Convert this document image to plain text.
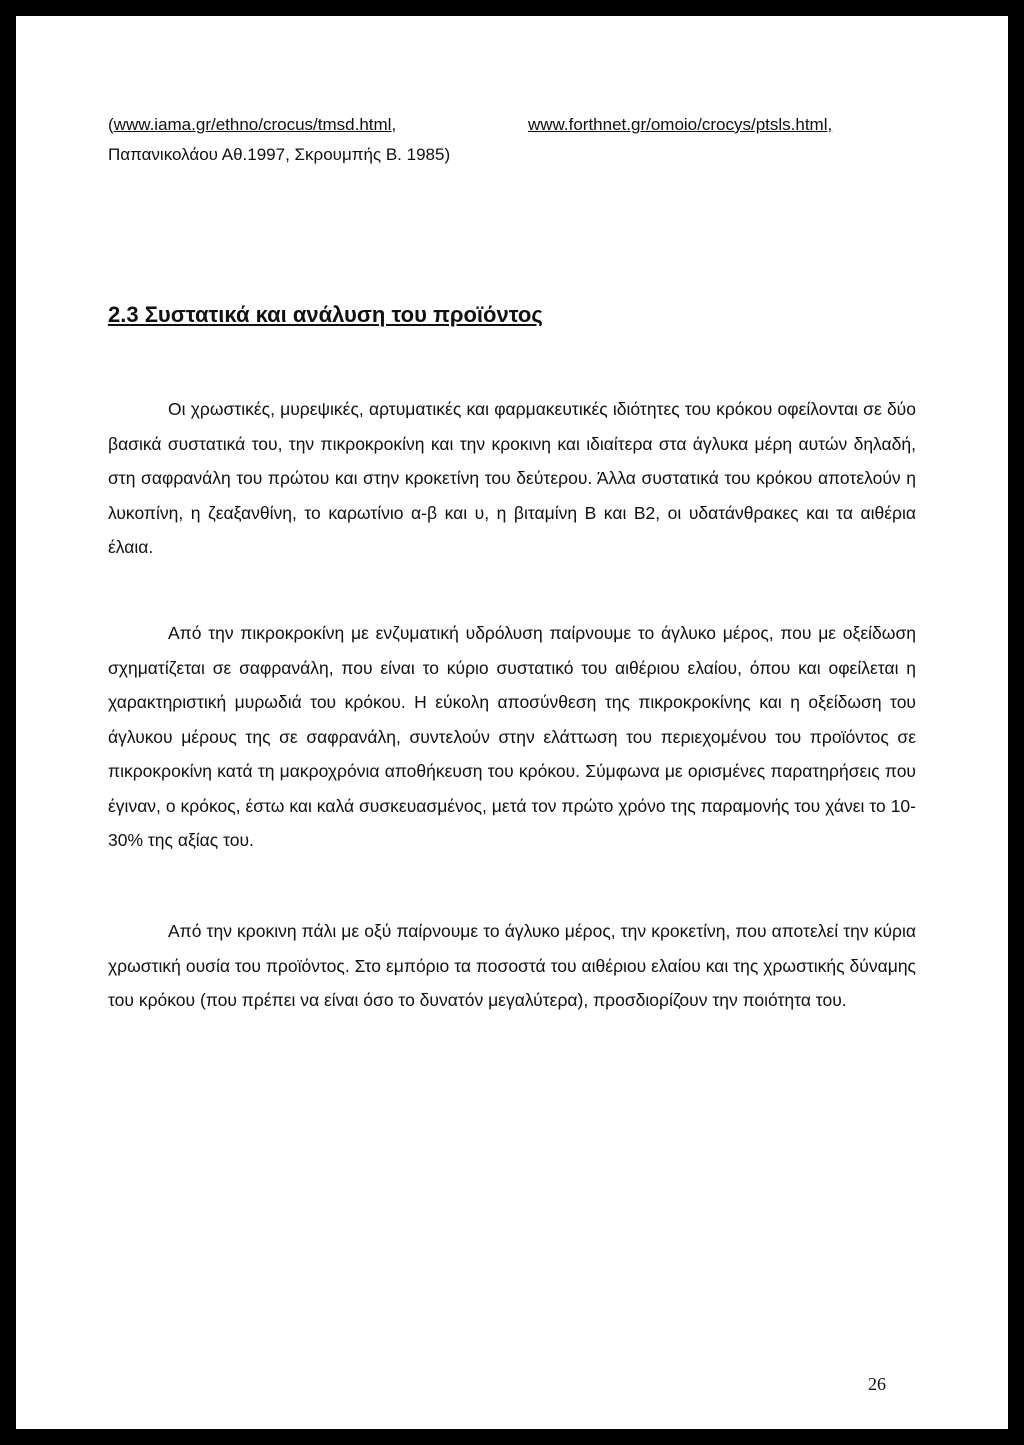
(www.iama.gr/ethno/crocus/tmsd.html,	www.forthnet.gr/omoio/crocys/ptsls.html,
Παπανικολάου Αθ.1997, Σκρουμπής Β. 1985)
2.3 Συστατικά και ανάλυση του προϊόντος

Οι χρωστικές, μυρεψικές, αρτυματικές και φαρμακευτικές ιδιότητες του κρόκου οφείλονται σε δύο βασικά συστατικά του, την πικροκροκίνη και την κροκινη και ιδιαίτερα στα άγλυκα μέρη αυτών δηλαδή, στη σαφρανάλη του πρώτου και στην κροκετίνη του δεύτερου. Άλλα συστατικά του κρόκου αποτελούν η λυκοπίνη, η ζεαξανθίνη, το καρωτίνιο α-β και υ, η βιταμίνη Β και Β2, οι υδατάνθρακες και τα αιθέρια έλαια.

Από την πικροκροκίνη με ενζυματική υδρόλυση παίρνουμε το άγλυκο μέρος, που με οξείδωση σχηματίζεται σε σαφρανάλη, που είναι το κύριο συστατικό του αιθέριου ελαίου, όπου και οφείλεται η χαρακτηριστική μυρωδιά του κρόκου. Η εύκολη αποσύνθεση της πικροκροκίνης και η οξείδωση του άγλυκου μέρους της σε σαφρανάλη, συντελούν στην ελάττωση του περιεχομένου του προϊόντος σε πικροκροκίνη κατά τη μακροχρόνια αποθήκευση του κρόκου. Σύμφωνα με ορισμένες παρατηρήσεις που έγιναν, ο κρόκος, έστω και καλά συσκευασμένος, μετά τον πρώτο χρόνο της παραμονής του χάνει το 10-30% της αξίας του.

Από την κροκινη πάλι με οξύ παίρνουμε το άγλυκο μέρος, την κροκετίνη, που αποτελεί την κύρια χρωστική ουσία του προϊόντος. Στο εμπόριο τα ποσοστά του αιθέριου ελαίου και της χρωστικής δύναμης του κρόκου (που πρέπει να είναι όσο το δυνατόν μεγαλύτερα), προσδιορίζουν την ποιότητα του.

26
